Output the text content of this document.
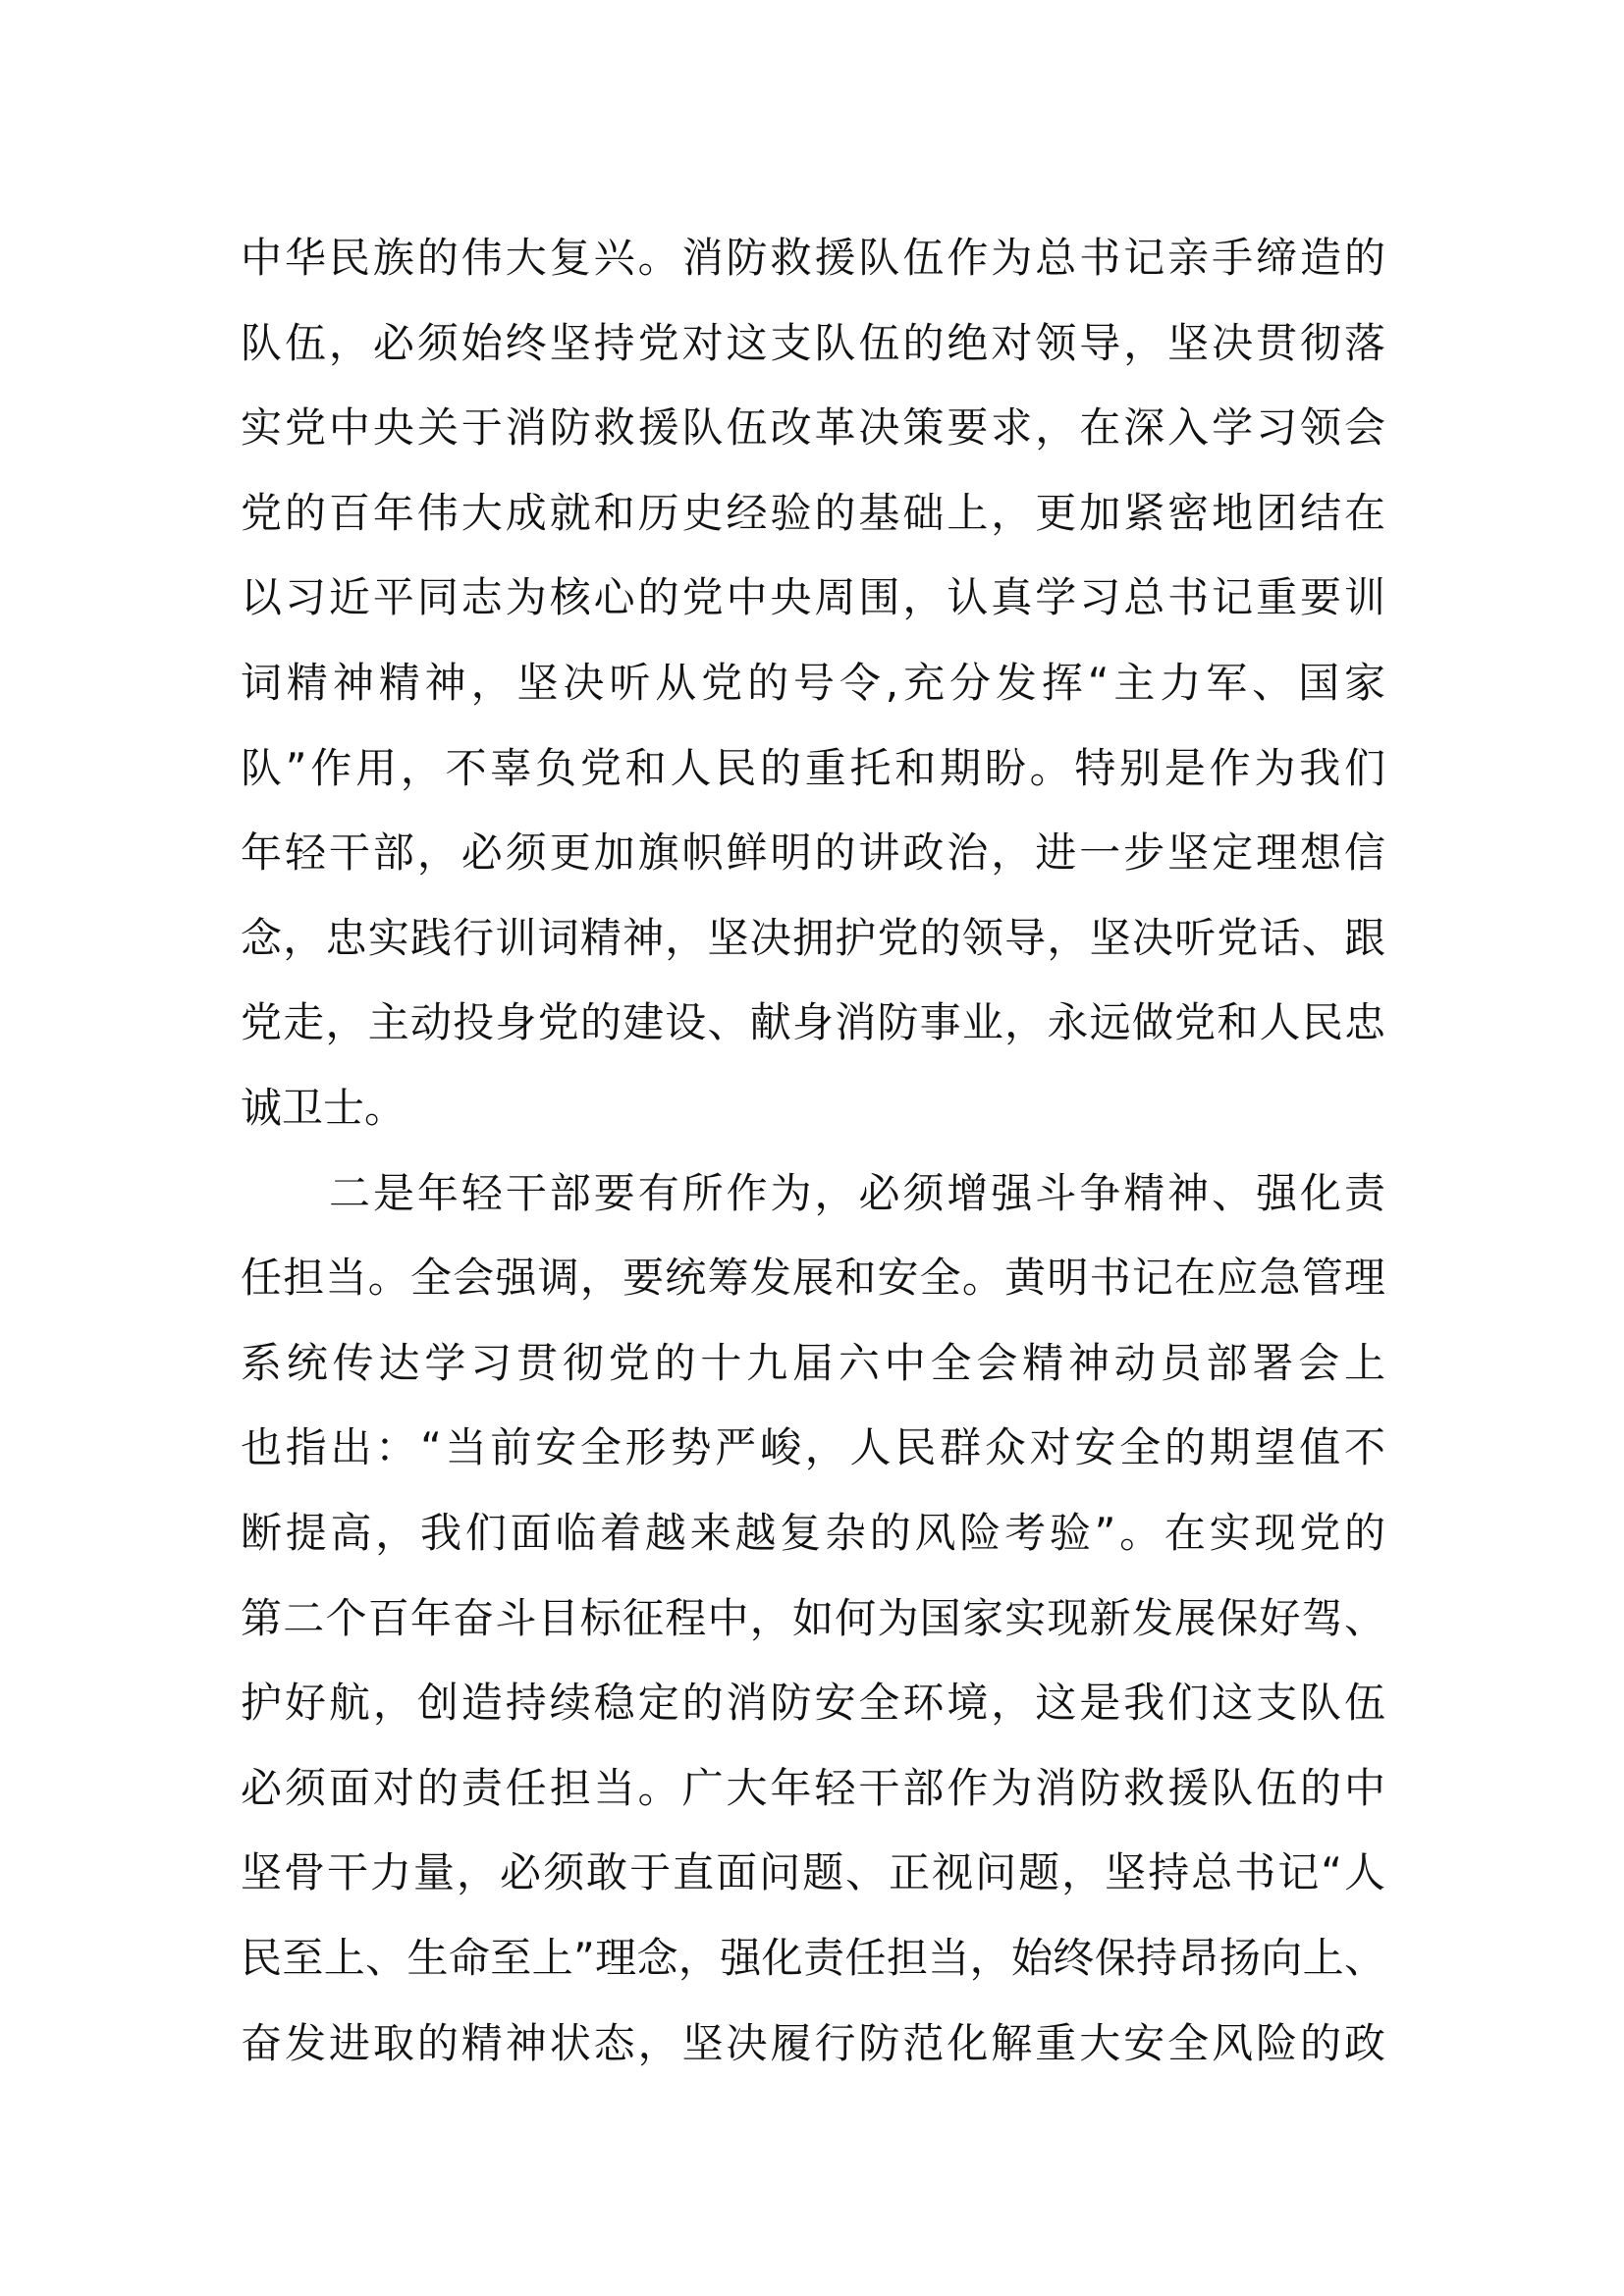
中华民族的伟大复兴。消防救援队伍作为总书记亲手缔造的
队伍，必须始终坚持党对这支队伍的绝对领导，坚决贯彻落
实党中央关于消防救援队伍改革决策要求，在深入学习领会
党的百年伟大成就和历史经验的基础上，更加紧密地团结在
以习近平同志为核心的党中央周围，认真学习总书记重要训
词精神精神，坚决听从党的号令,充分发挥“主力军、国家
队”作用，不辜负党和人民的重托和期盼。特别是作为我们
年轻干部，必须更加旗帜鲜明的讲政治，进一步坚定理想信
念，忠实践行训词精神，坚决拥护党的领导，坚决听党话、跟
党走，主动投身党的建设、献身消防事业，永远做党和人民忠
诚卫士。
二是年轻干部要有所作为，必须增强斗争精神、强化责
任担当。全会强调，要统筹发展和安全。黄明书记在应急管理
系统传达学习贯彻党的十九届六中全会精神动员部署会上
也指出：“当前安全形势严峻，人民群众对安全的期望值不
断提高，我们面临着越来越复杂的风险考验”。在实现党的
第二个百年奋斗目标征程中，如何为国家实现新发展保好驾、
护好航，创造持续稳定的消防安全环境，这是我们这支队伍
必须面对的责任担当。广大年轻干部作为消防救援队伍的中
坚骨干力量，必须敢于直面问题、正视问题，坚持总书记“人
民至上、生命至上”理念，强化责任担当，始终保持昂扬向上、
奋发进取的精神状态，坚决履行防范化解重大安全风险的政
